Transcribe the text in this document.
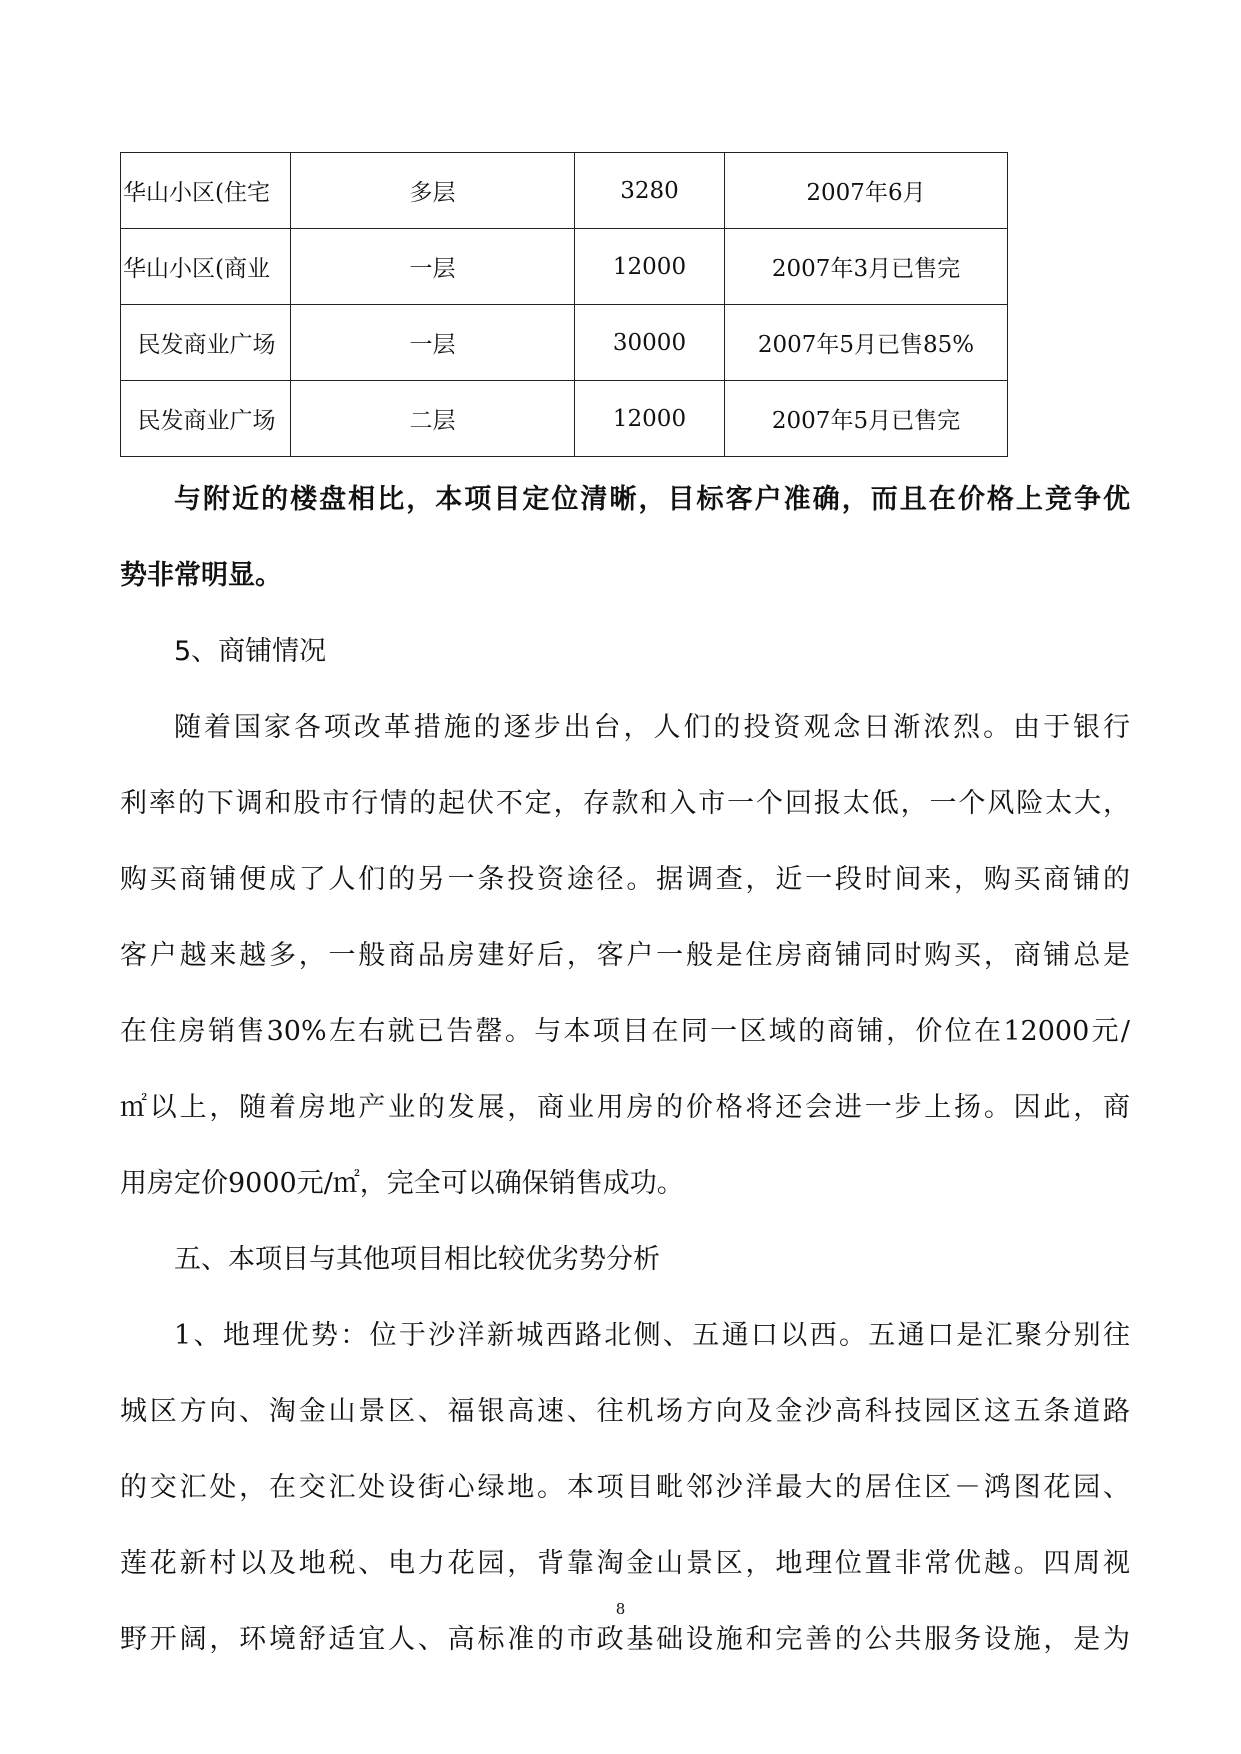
华山小区(住宅	多层	3280	2007年6月
华山小区(商业	一层	12000	2007年3月已售完
民发商业广场	一层	30000	2007年5月已售85%
民发商业广场	二层	12000	2007年5月已售完
与附近的楼盘相比，本项目定位清晰，目标客户准确，而且在价格上竞争优
势非常明显。
5、商铺情况
随着国家各项改革措施的逐步出台，人们的投资观念日渐浓烈。由于银行
利率的下调和股市行情的起伏不定，存款和入市一个回报太低，一个风险太大，
购买商铺便成了人们的另一条投资途径。据调查，近一段时间来，购买商铺的
客户越来越多，一般商品房建好后，客户一般是住房商铺同时购买，商铺总是
在住房销售30%左右就已告罄。与本项目在同一区域的商铺，价位在12000元/
㎡以上，随着房地产业的发展，商业用房的价格将还会进一步上扬。因此，商
用房定价9000元/㎡，完全可以确保销售成功。
五、本项目与其他项目相比较优劣势分析
1、地理优势：位于沙洋新城西路北侧、五通口以西。五通口是汇聚分别往
城区方向、淘金山景区、福银高速、往机场方向及金沙高科技园区这五条道路
的交汇处，在交汇处设街心绿地。本项目毗邻沙洋最大的居住区－鸿图花园、
莲花新村以及地税、电力花园，背靠淘金山景区，地理位置非常优越。四周视
野开阔，环境舒适宜人、高标准的市政基础设施和完善的公共服务设施，是为
8
